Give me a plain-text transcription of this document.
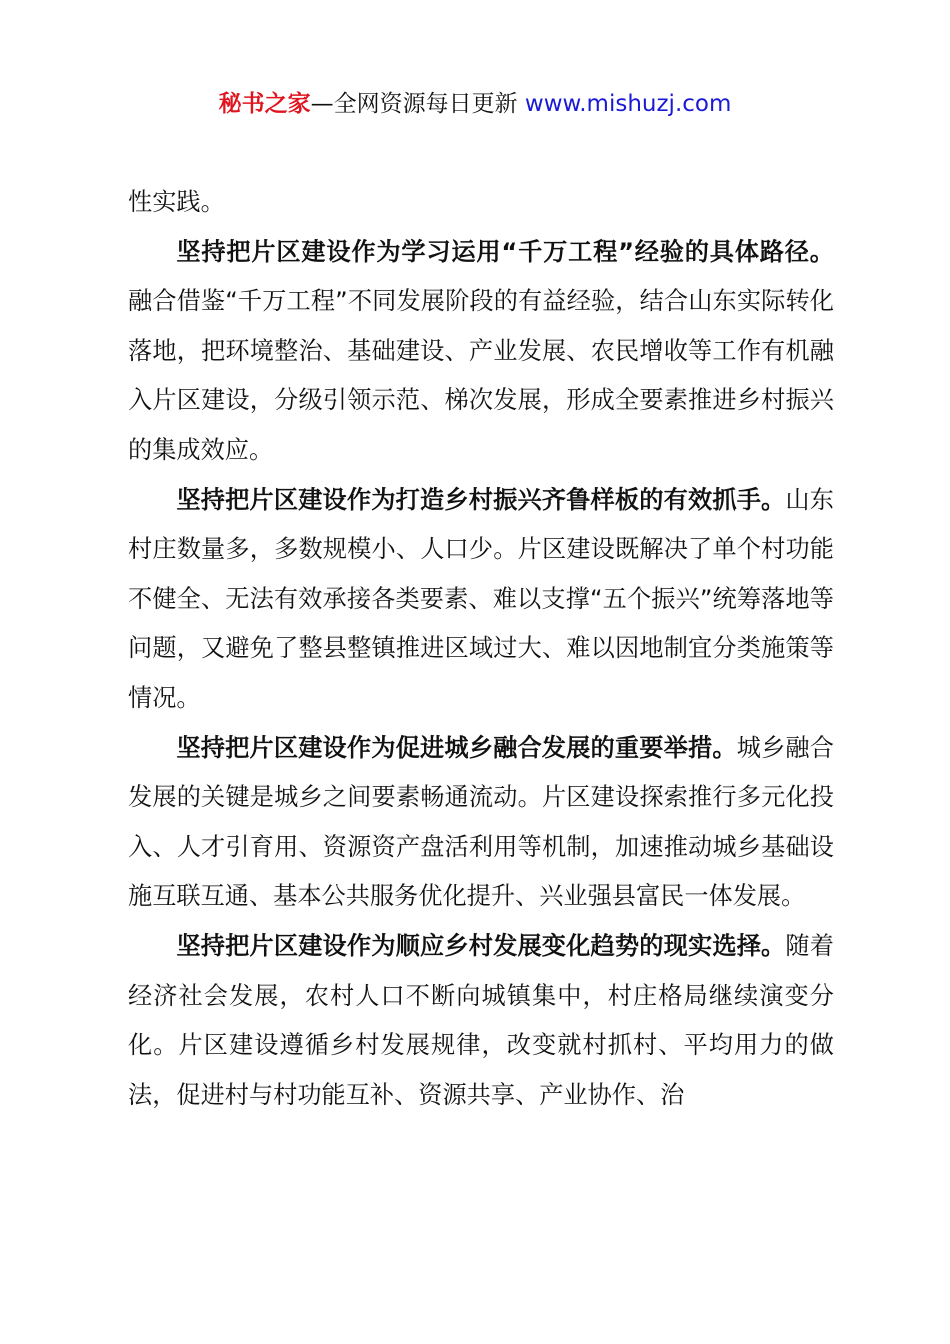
秘书之家—全网资源每日更新 www.mishuzj.com

性实践。

坚持把片区建设作为学习运用“千万工程”经验的具体路径。融合借鉴“千万工程”不同发展阶段的有益经验，结合山东实际转化落地，把环境整治、基础建设、产业发展、农民增收等工作有机融入片区建设，分级引领示范、梯次发展，形成全要素推进乡村振兴的集成效应。

坚持把片区建设作为打造乡村振兴齐鲁样板的有效抓手。山东村庄数量多，多数规模小、人口少。片区建设既解决了单个村功能不健全、无法有效承接各类要素、难以支撑“五个振兴”统筹落地等问题，又避免了整县整镇推进区域过大、难以因地制宜分类施策等情况。

坚持把片区建设作为促进城乡融合发展的重要举措。城乡融合发展的关键是城乡之间要素畅通流动。片区建设探索推行多元化投入、人才引育用、资源资产盘活利用等机制，加速推动城乡基础设施互联互通、基本公共服务优化提升、兴业强县富民一体发展。

坚持把片区建设作为顺应乡村发展变化趋势的现实选择。随着经济社会发展，农村人口不断向城镇集中，村庄格局继续演变分化。片区建设遵循乡村发展规律，改变就村抓村、平均用力的做法，促进村与村功能互补、资源共享、产业协作、治
